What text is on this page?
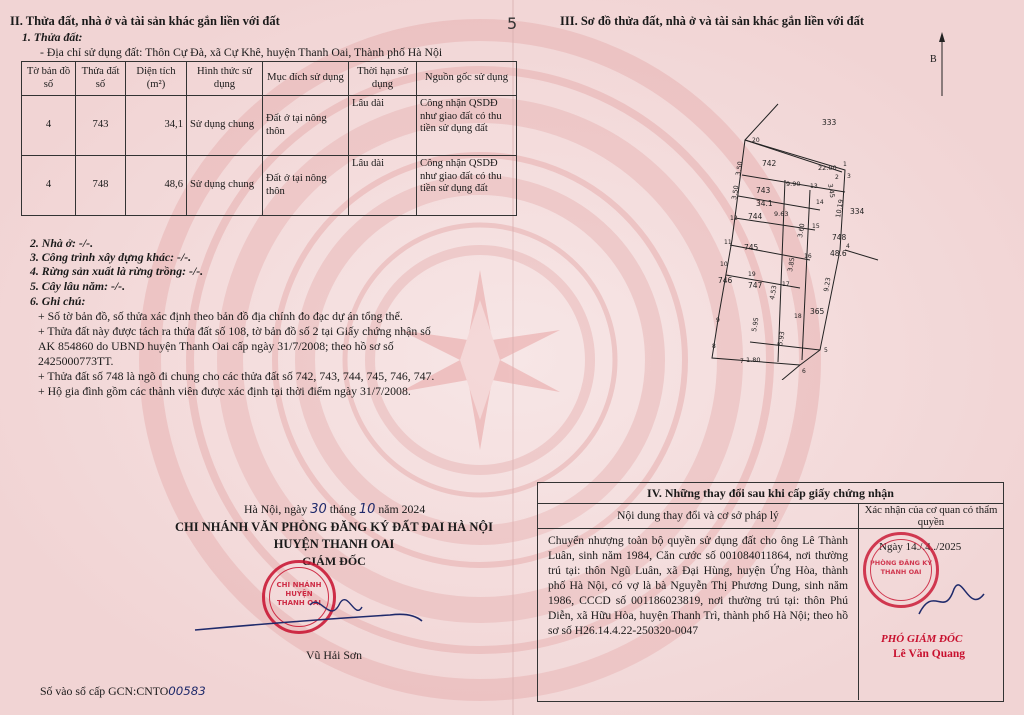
II. Thửa đất, nhà ở và tài sản khác gắn liền với đất
1. Thửa đất:
- Địa chỉ sử dụng đất: Thôn Cự Đà, xã Cự Khê, huyện Thanh Oai, Thành phố Hà Nội
Tờ bản đồ số	Thửa đất số	Diện tích (m²)	Hình thức sử dụng	Mục đích sử dụng	Thời hạn sử dụng	Nguồn gốc sử dụng
4	743	34,1	Sử dụng chung	Đất ở tại nông thôn	Lâu dài	Công nhận QSDĐ như giao đất có thu tiền sử dụng đất
4	748	48,6	Sử dụng chung	Đất ở tại nông thôn	Lâu dài	Công nhận QSDĐ như giao đất có thu tiền sử dụng đất
2. Nhà ở: -/-.
3. Công trình xây dựng khác: -/-.
4. Rừng sản xuất là rừng trồng: -/-.
5. Cây lâu năm: -/-.
6. Ghi chú:
+ Số tờ bản đồ, số thửa xác định theo bản đồ địa chính đo đạc dự án tổng thể.
+ Thửa đất này được tách ra thửa đất số 108, tờ bản đồ số 2 tại Giấy chứng nhận số
AK 854860 do UBND huyện Thanh Oai cấp ngày 31/7/2008; theo hồ sơ số
2425000773TT.
+ Thửa đất số 748 là ngõ đi chung cho các thửa đất số 742, 743, 744, 745, 746, 747.
+ Hộ gia đình gồm các thành viên được xác định tại thời điểm ngày 31/7/2008.
Hà Nội, ngày 30 tháng 10 năm 2024
CHI NHÁNH VĂN PHÒNG ĐĂNG KÝ ĐẤT ĐAI HÀ NỘI
HUYỆN THANH OAI
GIÁM ĐỐC
CHI NHÁNH
HUYỆN
THANH OAI
Vũ Hải Sơn
Số vào sổ cấp GCN:CNTO00583
5	III. Sơ đồ thửa đất, nhà ở và tài sản khác gắn liền với đất
B
333
742
743
34.1
744
745
746
747
748
48.6
334
365
22.00
9.90	3.45
3.50
3.50
9.63	10.19
3.60
3.85
9.23
4.53
5.95
5.93
1.80
1
2 3
4
5
6
7
8
9
10
11
12
13
14
15
16
17
18
19
20
IV. Những thay đổi sau khi cấp giấy chứng nhận
Nội dung thay đổi và cơ sở pháp lý
Chuyển nhượng toàn bộ quyền sử dụng đất cho ông Lê Thành Luân, sinh năm 1984, Căn cước số 001084011864, nơi thường trú tại: thôn Ngũ Luân, xã Đại Hùng, huyện Ứng Hòa, thành phố Hà Nội, có vợ là bà Nguyễn Thị Phương Dung, sinh năm 1986, CCCD số 001186023819, nơi thường trú tại: thôn Phú Diễn, xã Hữu Hòa, huyện Thanh Trì, thành phố Hà Nội; theo hồ sơ số H26.14.4.22-250320-0047
Xác nhận của cơ quan có thẩm quyền
Ngày 14./.4../2025
PHÒNG ĐĂNG KÝ
THANH OAI
PHÓ GIÁM ĐỐC
Lê Văn Quang
